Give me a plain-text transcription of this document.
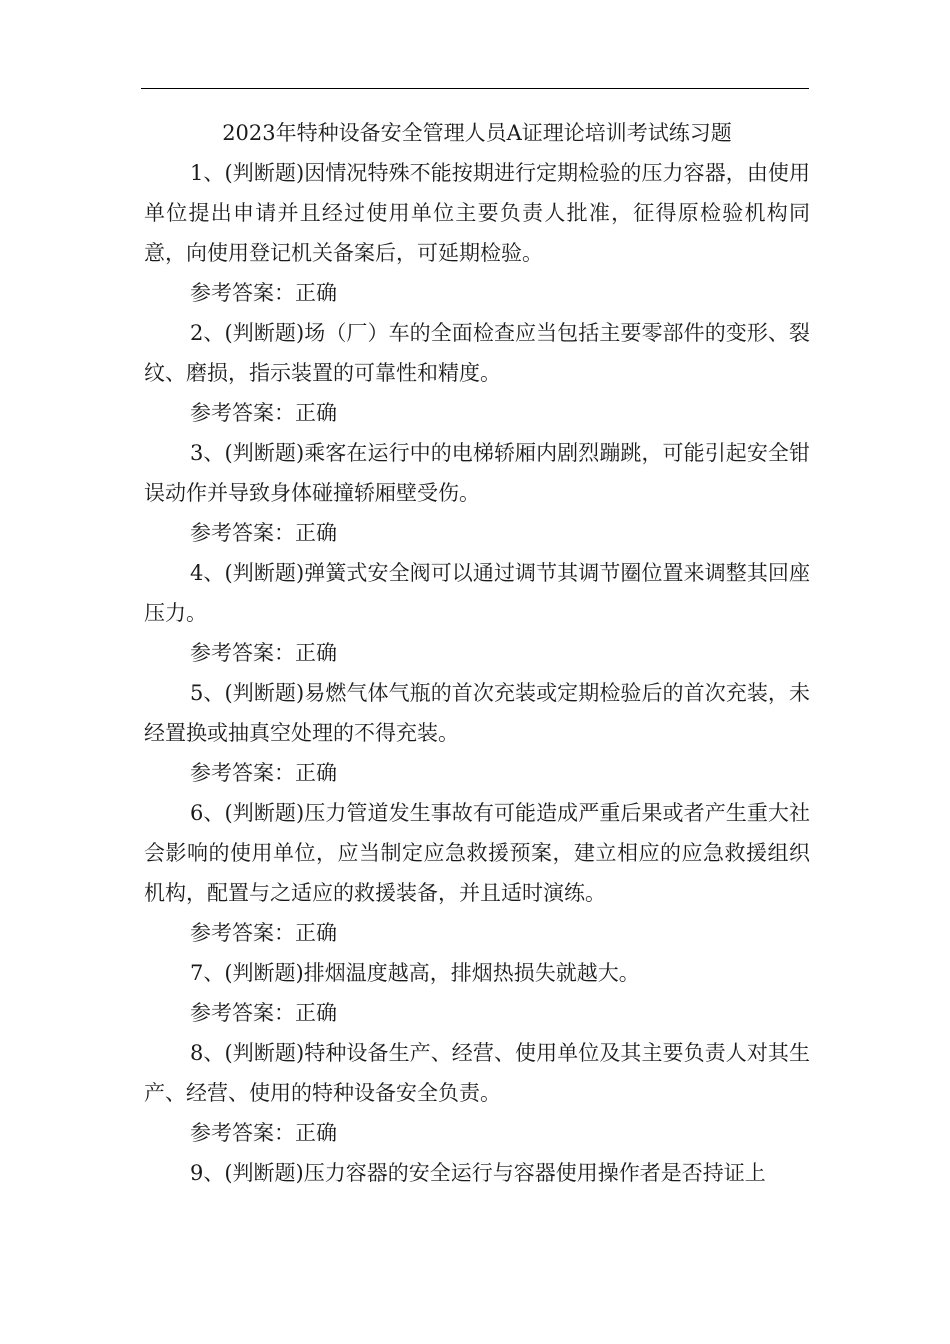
2023年特种设备安全管理人员A证理论培训考试练习题

1、(判断题)因情况特殊不能按期进行定期检验的压力容器，由使用单位提出申请并且经过使用单位主要负责人批准，征得原检验机构同意，向使用登记机关备案后，可延期检验。

参考答案：正确

2、(判断题)场（厂）车的全面检查应当包括主要零部件的变形、裂纹、磨损，指示装置的可靠性和精度。

参考答案：正确

3、(判断题)乘客在运行中的电梯轿厢内剧烈蹦跳，可能引起安全钳误动作并导致身体碰撞轿厢壁受伤。

参考答案：正确

4、(判断题)弹簧式安全阀可以通过调节其调节圈位置来调整其回座压力。

参考答案：正确

5、(判断题)易燃气体气瓶的首次充装或定期检验后的首次充装，未经置换或抽真空处理的不得充装。

参考答案：正确

6、(判断题)压力管道发生事故有可能造成严重后果或者产生重大社会影响的使用单位，应当制定应急救援预案，建立相应的应急救援组织机构，配置与之适应的救援装备，并且适时演练。

参考答案：正确

7、(判断题)排烟温度越高，排烟热损失就越大。

参考答案：正确

8、(判断题)特种设备生产、经营、使用单位及其主要负责人对其生产、经营、使用的特种设备安全负责。

参考答案：正确

9、(判断题)压力容器的安全运行与容器使用操作者是否持证上
